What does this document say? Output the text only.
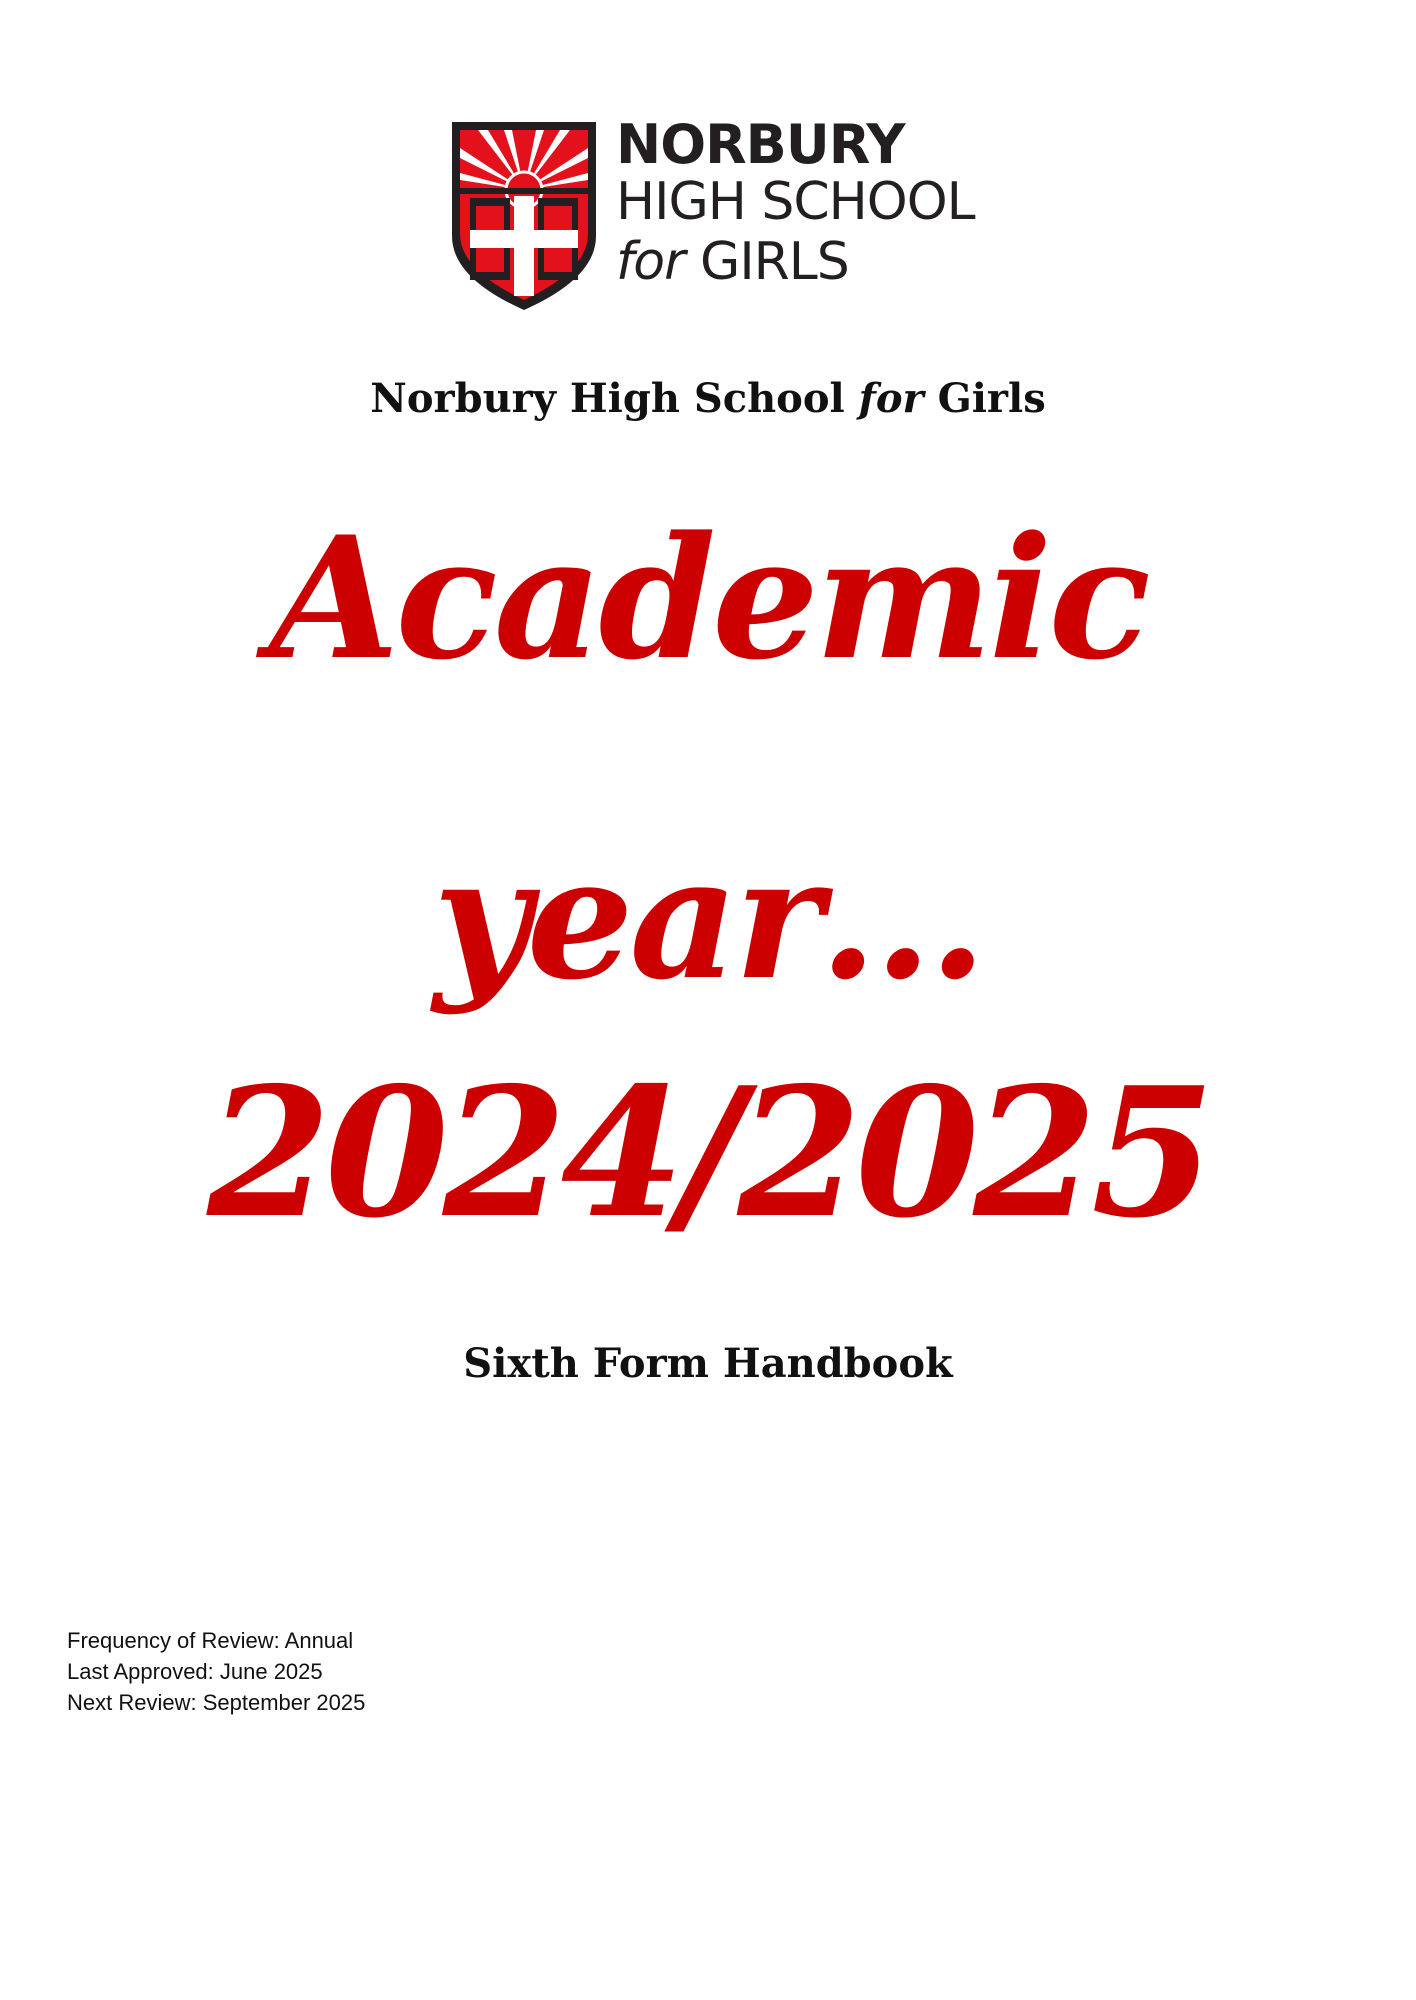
NORBURY
HIGH SCHOOL
for GIRLS
Norbury High School for Girls
Academic
year…
2024/2025
Sixth Form Handbook
Frequency of Review: Annual
Last Approved: June 2025
Next Review: September 2025
